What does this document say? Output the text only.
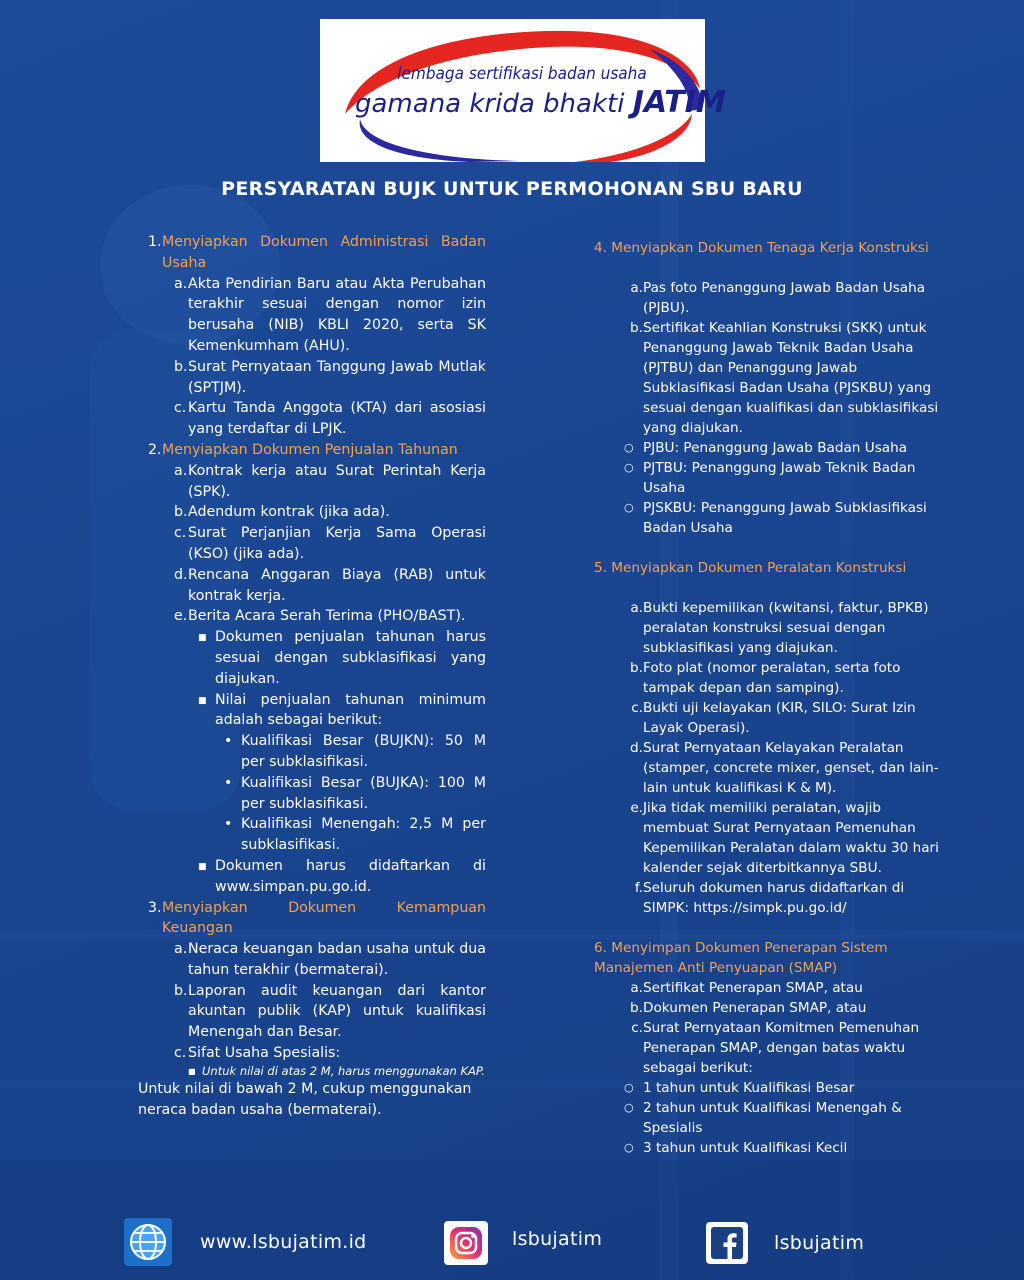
lembaga sertifikasi badan usaha
gamana krida bhakti JATIM
PERSYARATAN BUJK UNTUK PERMOHONAN SBU BARU
1. Menyiapkan Dokumen Administrasi Badan Usaha
a. Akta Pendirian Baru atau Akta Perubahan terakhir sesuai dengan nomor izin berusaha (NIB) KBLI 2020, serta SK Kemenkumham (AHU).
b. Surat Pernyataan Tanggung Jawab Mutlak (SPTJM).
c. Kartu Tanda Anggota (KTA) dari asosiasi yang terdaftar di LPJK.
2. Menyiapkan Dokumen Penjualan Tahunan
a. Kontrak kerja atau Surat Perintah Kerja (SPK).
b. Adendum kontrak (jika ada).
c. Surat Perjanjian Kerja Sama Operasi (KSO) (jika ada).
d. Rencana Anggaran Biaya (RAB) untuk kontrak kerja.
e. Berita Acara Serah Terima (PHO/BAST).
■ Dokumen penjualan tahunan harus sesuai dengan subklasifikasi yang diajukan.
■ Nilai penjualan tahunan minimum adalah sebagai berikut:
• Kualifikasi Besar (BUJKN): 50 M per subklasifikasi.
• Kualifikasi Besar (BUJKA): 100 M per subklasifikasi.
• Kualifikasi Menengah: 2,5 M per subklasifikasi.
■ Dokumen harus didaftarkan di www.simpan.pu.go.id.
3. Menyiapkan Dokumen Kemampuan Keuangan
a. Neraca keuangan badan usaha untuk dua tahun terakhir (bermaterai).
b. Laporan audit keuangan dari kantor akuntan publik (KAP) untuk kualifikasi Menengah dan Besar.
c. Sifat Usaha Spesialis:
■ Untuk nilai di atas 2 M, harus menggunakan KAP.
Untuk nilai di bawah 2 M, cukup menggunakan neraca badan usaha (bermaterai).
4. Menyiapkan Dokumen Tenaga Kerja Konstruksi
a. Pas foto Penanggung Jawab Badan Usaha (PJBU).
b. Sertifikat Keahlian Konstruksi (SKK) untuk Penanggung Jawab Teknik Badan Usaha (PJTBU) dan Penanggung Jawab Subklasifikasi Badan Usaha (PJSKBU) yang sesuai dengan kualifikasi dan subklasifikasi yang diajukan.
○ PJBU: Penanggung Jawab Badan Usaha
○ PJTBU: Penanggung Jawab Teknik Badan Usaha
○ PJSKBU: Penanggung Jawab Subklasifikasi Badan Usaha
5. Menyiapkan Dokumen Peralatan Konstruksi
a. Bukti kepemilikan (kwitansi, faktur, BPKB) peralatan konstruksi sesuai dengan subklasifikasi yang diajukan.
b. Foto plat (nomor peralatan, serta foto tampak depan dan samping).
c. Bukti uji kelayakan (KIR, SILO: Surat Izin Layak Operasi).
d. Surat Pernyataan Kelayakan Peralatan (stamper, concrete mixer, genset, dan lain-lain untuk kualifikasi K & M).
e. Jika tidak memiliki peralatan, wajib membuat Surat Pernyataan Pemenuhan Kepemilikan Peralatan dalam waktu 30 hari kalender sejak diterbitkannya SBU.
f. Seluruh dokumen harus didaftarkan di SIMPK: https://simpk.pu.go.id/
6. Menyimpan Dokumen Penerapan Sistem Manajemen Anti Penyuapan (SMAP)
a. Sertifikat Penerapan SMAP, atau
b. Dokumen Penerapan SMAP, atau
c. Surat Pernyataan Komitmen Pemenuhan Penerapan SMAP, dengan batas waktu sebagai berikut:
○ 1 tahun untuk Kualifikasi Besar
○ 2 tahun untuk Kualifikasi Menengah & Spesialis
○ 3 tahun untuk Kualifikasi Kecil
www.lsbujatim.id	lsbujatim	lsbujatim
